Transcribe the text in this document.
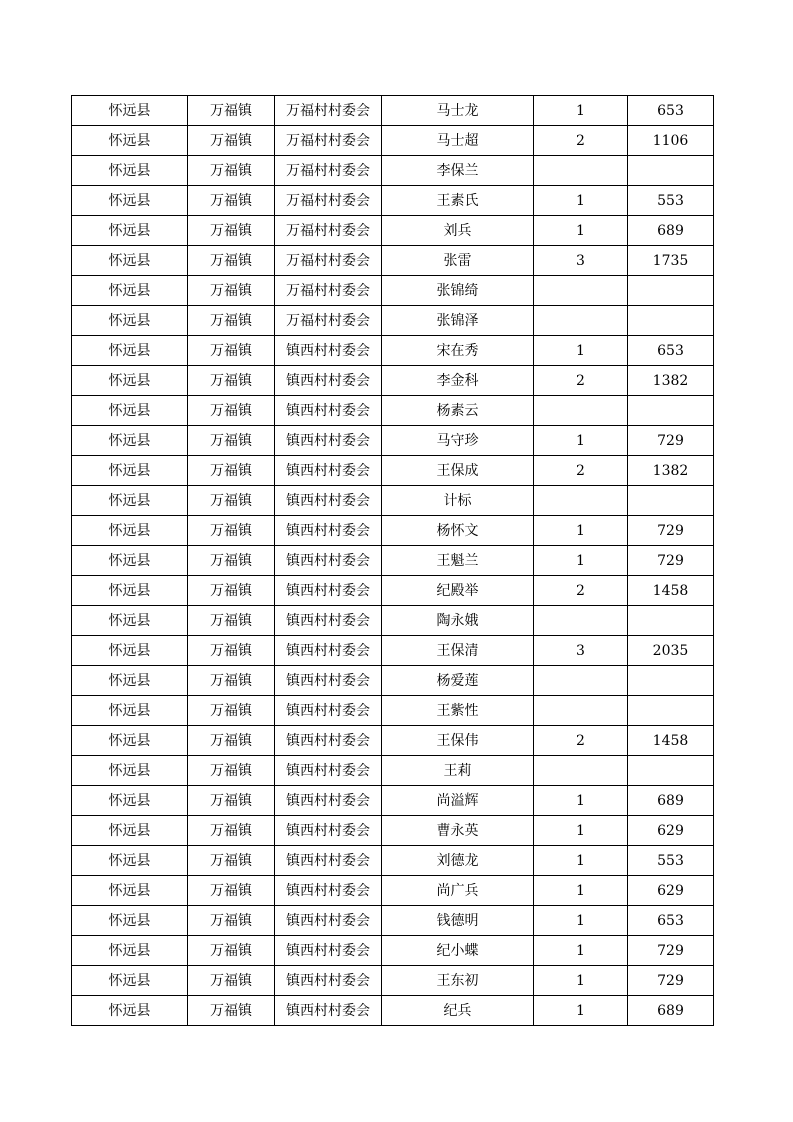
怀远县	万福镇	万福村村委会	马士龙	1	653
怀远县	万福镇	万福村村委会	马士超	2	1106
怀远县	万福镇	万福村村委会	李保兰		
怀远县	万福镇	万福村村委会	王素氏	1	553
怀远县	万福镇	万福村村委会	刘兵	1	689
怀远县	万福镇	万福村村委会	张雷	3	1735
怀远县	万福镇	万福村村委会	张锦绮		
怀远县	万福镇	万福村村委会	张锦泽		
怀远县	万福镇	镇西村村委会	宋在秀	1	653
怀远县	万福镇	镇西村村委会	李金科	2	1382
怀远县	万福镇	镇西村村委会	杨素云		
怀远县	万福镇	镇西村村委会	马守珍	1	729
怀远县	万福镇	镇西村村委会	王保成	2	1382
怀远县	万福镇	镇西村村委会	计标		
怀远县	万福镇	镇西村村委会	杨怀文	1	729
怀远县	万福镇	镇西村村委会	王魁兰	1	729
怀远县	万福镇	镇西村村委会	纪殿举	2	1458
怀远县	万福镇	镇西村村委会	陶永娥		
怀远县	万福镇	镇西村村委会	王保清	3	2035
怀远县	万福镇	镇西村村委会	杨爱莲		
怀远县	万福镇	镇西村村委会	王紫性		
怀远县	万福镇	镇西村村委会	王保伟	2	1458
怀远县	万福镇	镇西村村委会	王莉		
怀远县	万福镇	镇西村村委会	尚溢辉	1	689
怀远县	万福镇	镇西村村委会	曹永英	1	629
怀远县	万福镇	镇西村村委会	刘德龙	1	553
怀远县	万福镇	镇西村村委会	尚广兵	1	629
怀远县	万福镇	镇西村村委会	钱德明	1	653
怀远县	万福镇	镇西村村委会	纪小蝶	1	729
怀远县	万福镇	镇西村村委会	王东初	1	729
怀远县	万福镇	镇西村村委会	纪兵	1	689
